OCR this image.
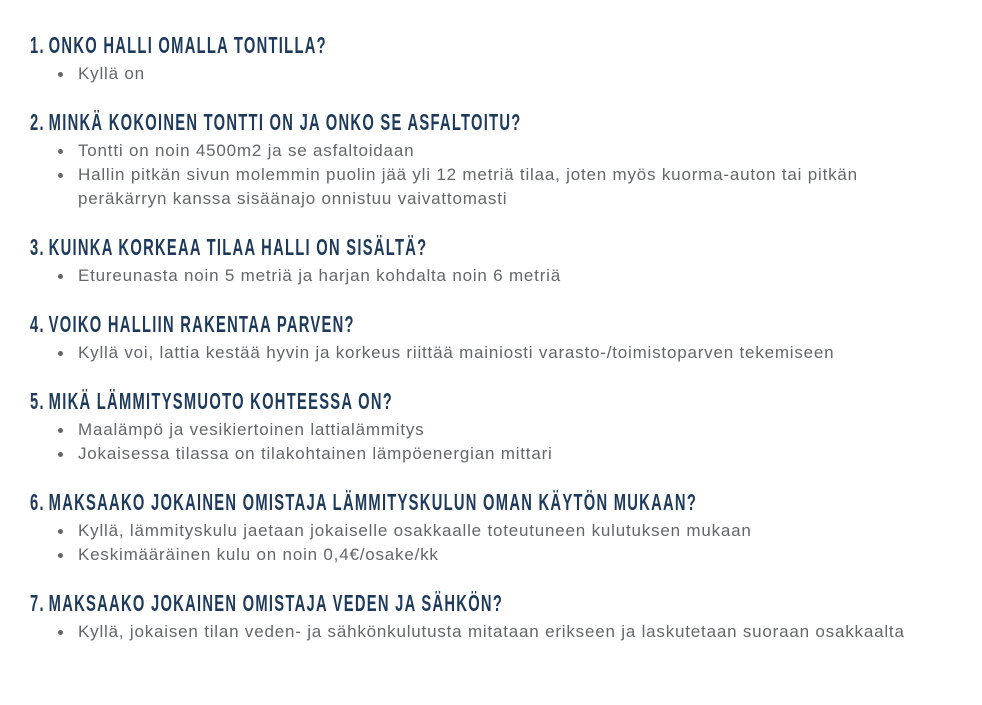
1. ONKO HALLI OMALLA TONTILLA?
Kyllä on
2. MINKÄ KOKOINEN TONTTI ON JA ONKO SE ASFALTOITU?
Tontti on noin 4500m2 ja se asfaltoidaan
Hallin pitkän sivun molemmin puolin jää yli 12 metriä tilaa, joten myös kuorma-auton tai pitkän peräkärryn kanssa sisäänajo onnistuu vaivattomasti
3. KUINKA KORKEAA TILAA HALLI ON SISÄLTÄ?
Etureunasta noin 5 metriä ja harjan kohdalta noin 6 metriä
4. VOIKO HALLIIN RAKENTAA PARVEN?
Kyllä voi, lattia kestää hyvin ja korkeus riittää mainiosti varasto-/toimistoparven tekemiseen
5. MIKÄ LÄMMITYSMUOTO KOHTEESSA ON?
Maalämpö ja vesikiertoinen lattialämmitys
Jokaisessa tilassa on tilakohtainen lämpöenergian mittari
6. MAKSAAKO JOKAINEN OMISTAJA LÄMMITYSKULUN OMAN KÄYTÖN MUKAAN?
Kyllä, lämmityskulu jaetaan jokaiselle osakkaalle toteutuneen kulutuksen mukaan
Keskimääräinen kulu on noin 0,4€/osake/kk
7. MAKSAAKO JOKAINEN OMISTAJA VEDEN JA SÄHKÖN?
Kyllä, jokaisen tilan veden- ja sähkönkulutusta mitataan erikseen ja laskutetaan suoraan osakkaalta
